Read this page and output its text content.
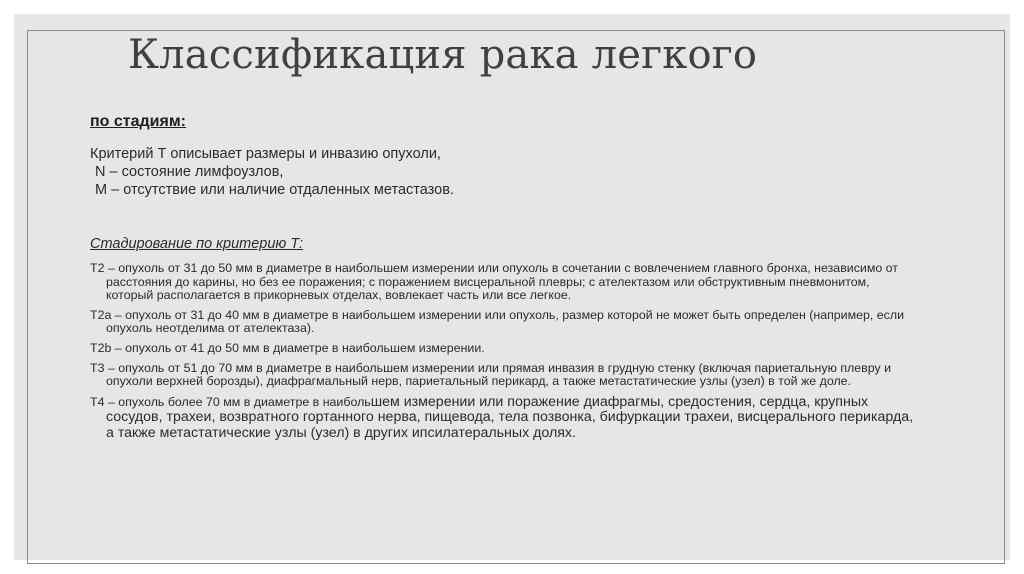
Классификация рака легкого
по стадиям:
Критерий Т описывает размеры и инвазию опухоли,
N – состояние лимфоузлов,
M – отсутствие или наличие отдаленных метастазов.
Стадирование по критерию Т:

T2 – опухоль от 31 до 50 мм в диаметре в наибольшем измерении или опухоль в сочетании с вовлечением главного бронха, независимо от расстояния до карины, но без ее поражения; с поражением висцеральной плевры; с ателектазом или обструктивным пневмонитом, который располагается в прикорневых отделах, вовлекает часть или все легкое.

T2a – опухоль от 31 до 40 мм в диаметре в наибольшем измерении или опухоль, размер которой не может быть определен (например, если опухоль неотделима от ателектаза).

T2b – опухоль от 41 до 50 мм в диаметре в наибольшем измерении.

T3 – опухоль от 51 до 70 мм в диаметре в наибольшем измерении или прямая инвазия в грудную стенку (включая париетальную плевру и опухоли верхней борозды), диафрагмальный нерв, париетальный перикард, а также метастатические узлы (узел) в той же доле.

T4 – опухоль более 70 мм в диаметре в наибольшем измерении или поражение диафрагмы, средостения, сердца, крупных сосудов, трахеи, возвратного гортанного нерва, пищевода, тела позвонка, бифуркации трахеи, висцерального перикарда, а также метастатические узлы (узел) в других ипсилатеральных долях.
